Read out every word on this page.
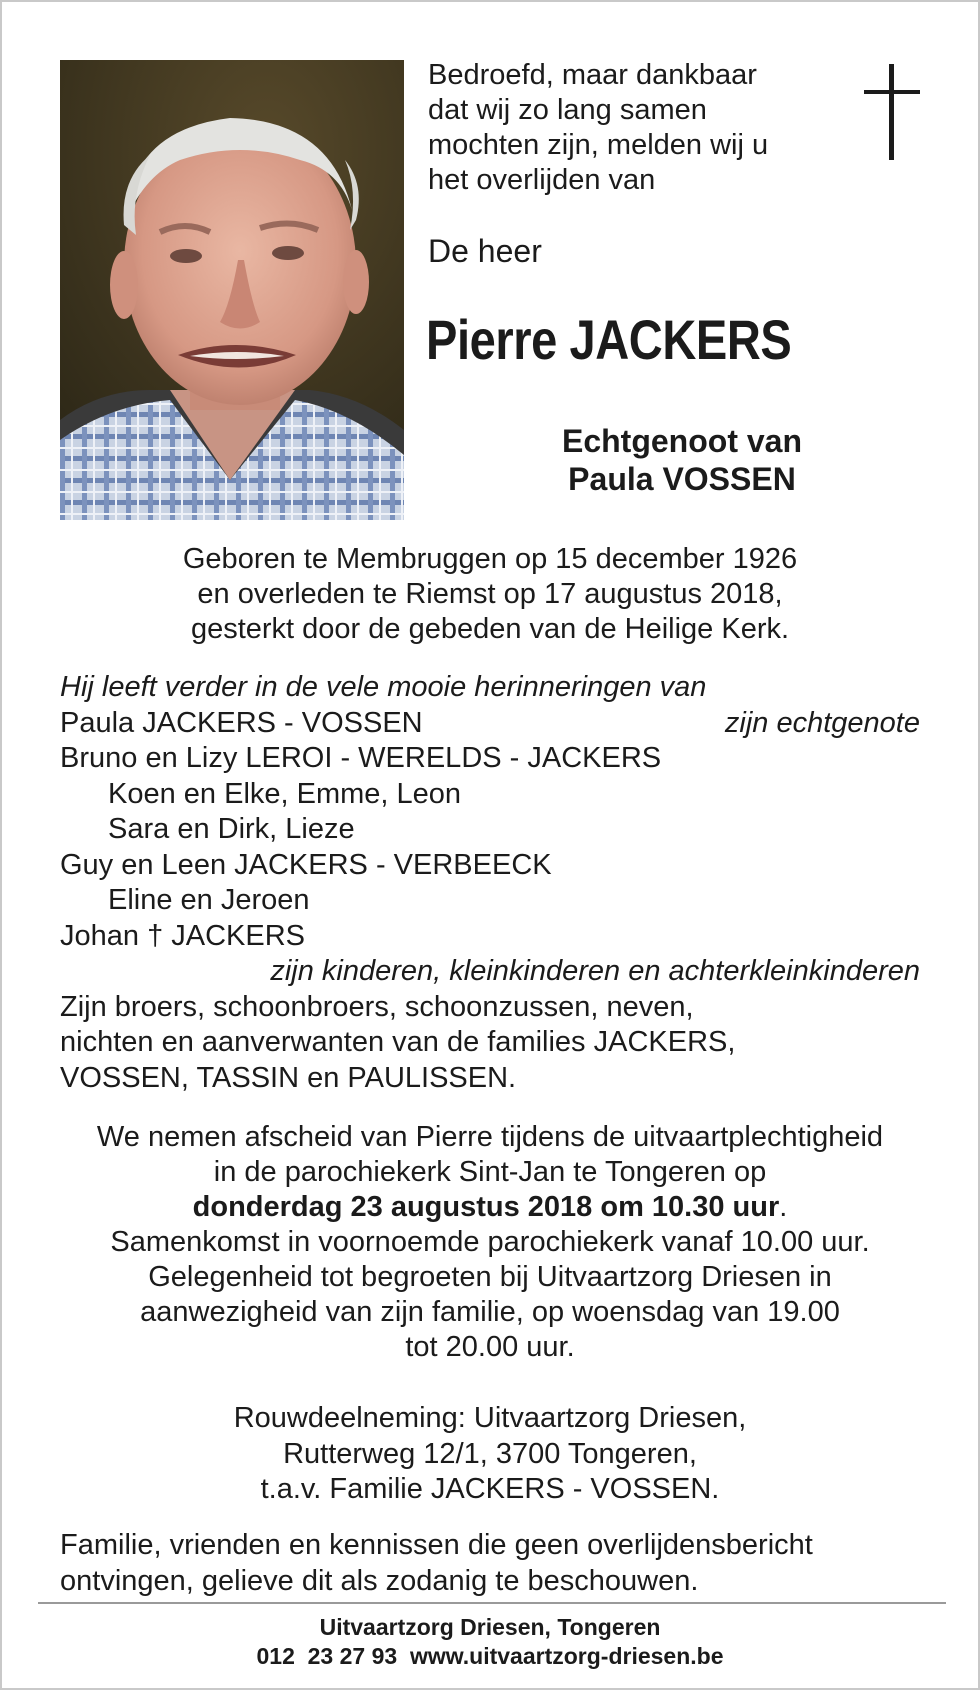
Bedroefd, maar dankbaar
dat wij zo lang samen
mochten zijn, melden wij u
het overlijden van

De heer

Pierre JACKERS

Echtgenoot van
Paula VOSSEN

Geboren te Membruggen op 15 december 1926
en overleden te Riemst op 17 augustus 2018,
gesterkt door de gebeden van de Heilige Kerk.

Hij leeft verder in de vele mooie herinneringen van
Paula JACKERS - VOSSEN	zijn echtgenote
Bruno en Lizy LEROI - WERELDS - JACKERS
Koen en Elke, Emme, Leon
Sara en Dirk, Lieze
Guy en Leen JACKERS - VERBEECK
Eline en Jeroen
Johan † JACKERS
zijn kinderen, kleinkinderen en achterkleinkinderen
Zijn broers, schoonbroers, schoonzussen, neven,
nichten en aanverwanten van de families JACKERS,
VOSSEN, TASSIN en PAULISSEN.

We nemen afscheid van Pierre tijdens de uitvaartplechtigheid
in de parochiekerk Sint-Jan te Tongeren op
donderdag 23 augustus 2018 om 10.30 uur.
Samenkomst in voornoemde parochiekerk vanaf 10.00 uur.
Gelegenheid tot begroeten bij Uitvaartzorg Driesen in
aanwezigheid van zijn familie, op woensdag van 19.00
tot 20.00 uur.

Rouwdeelneming: Uitvaartzorg Driesen,
Rutterweg 12/1, 3700 Tongeren,
t.a.v. Familie JACKERS - VOSSEN.

Familie, vrienden en kennissen die geen overlijdensbericht
ontvingen, gelieve dit als zodanig te beschouwen.

Uitvaartzorg Driesen, Tongeren
012  23 27 93 www.uitvaartzorg-driesen.be
